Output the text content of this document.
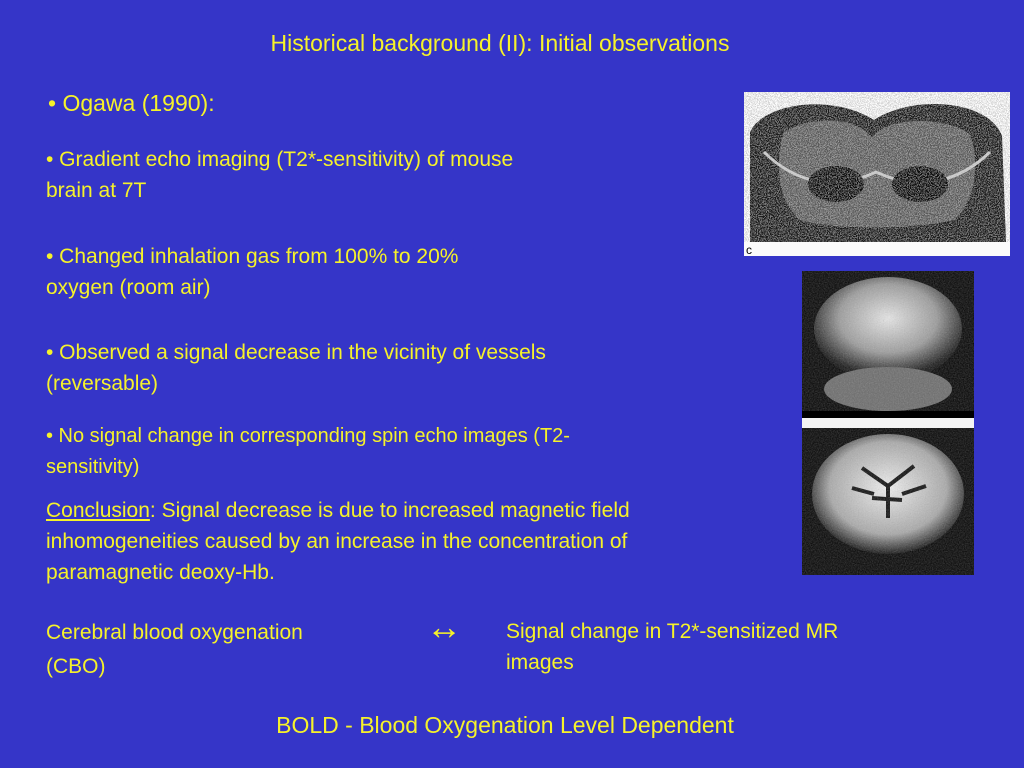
Historical background (II): Initial observations
• Ogawa (1990):
• Gradient echo imaging (T2*-sensitivity) of mouse
brain at 7T
• Changed inhalation gas from 100% to 20%
oxygen (room air)
• Observed a signal decrease in the vicinity of vessels
(reversable)
• No signal change in corresponding spin echo images (T2-
sensitivity)
Conclusion: Signal decrease is due to increased magnetic field
inhomogeneities caused by an increase in the concentration of
paramagnetic deoxy-Hb.
Cerebral blood oxygenation
(CBO)
↔ Signal change in T2*-sensitized MR
images
BOLD - Blood Oxygenation Level Dependent
c
